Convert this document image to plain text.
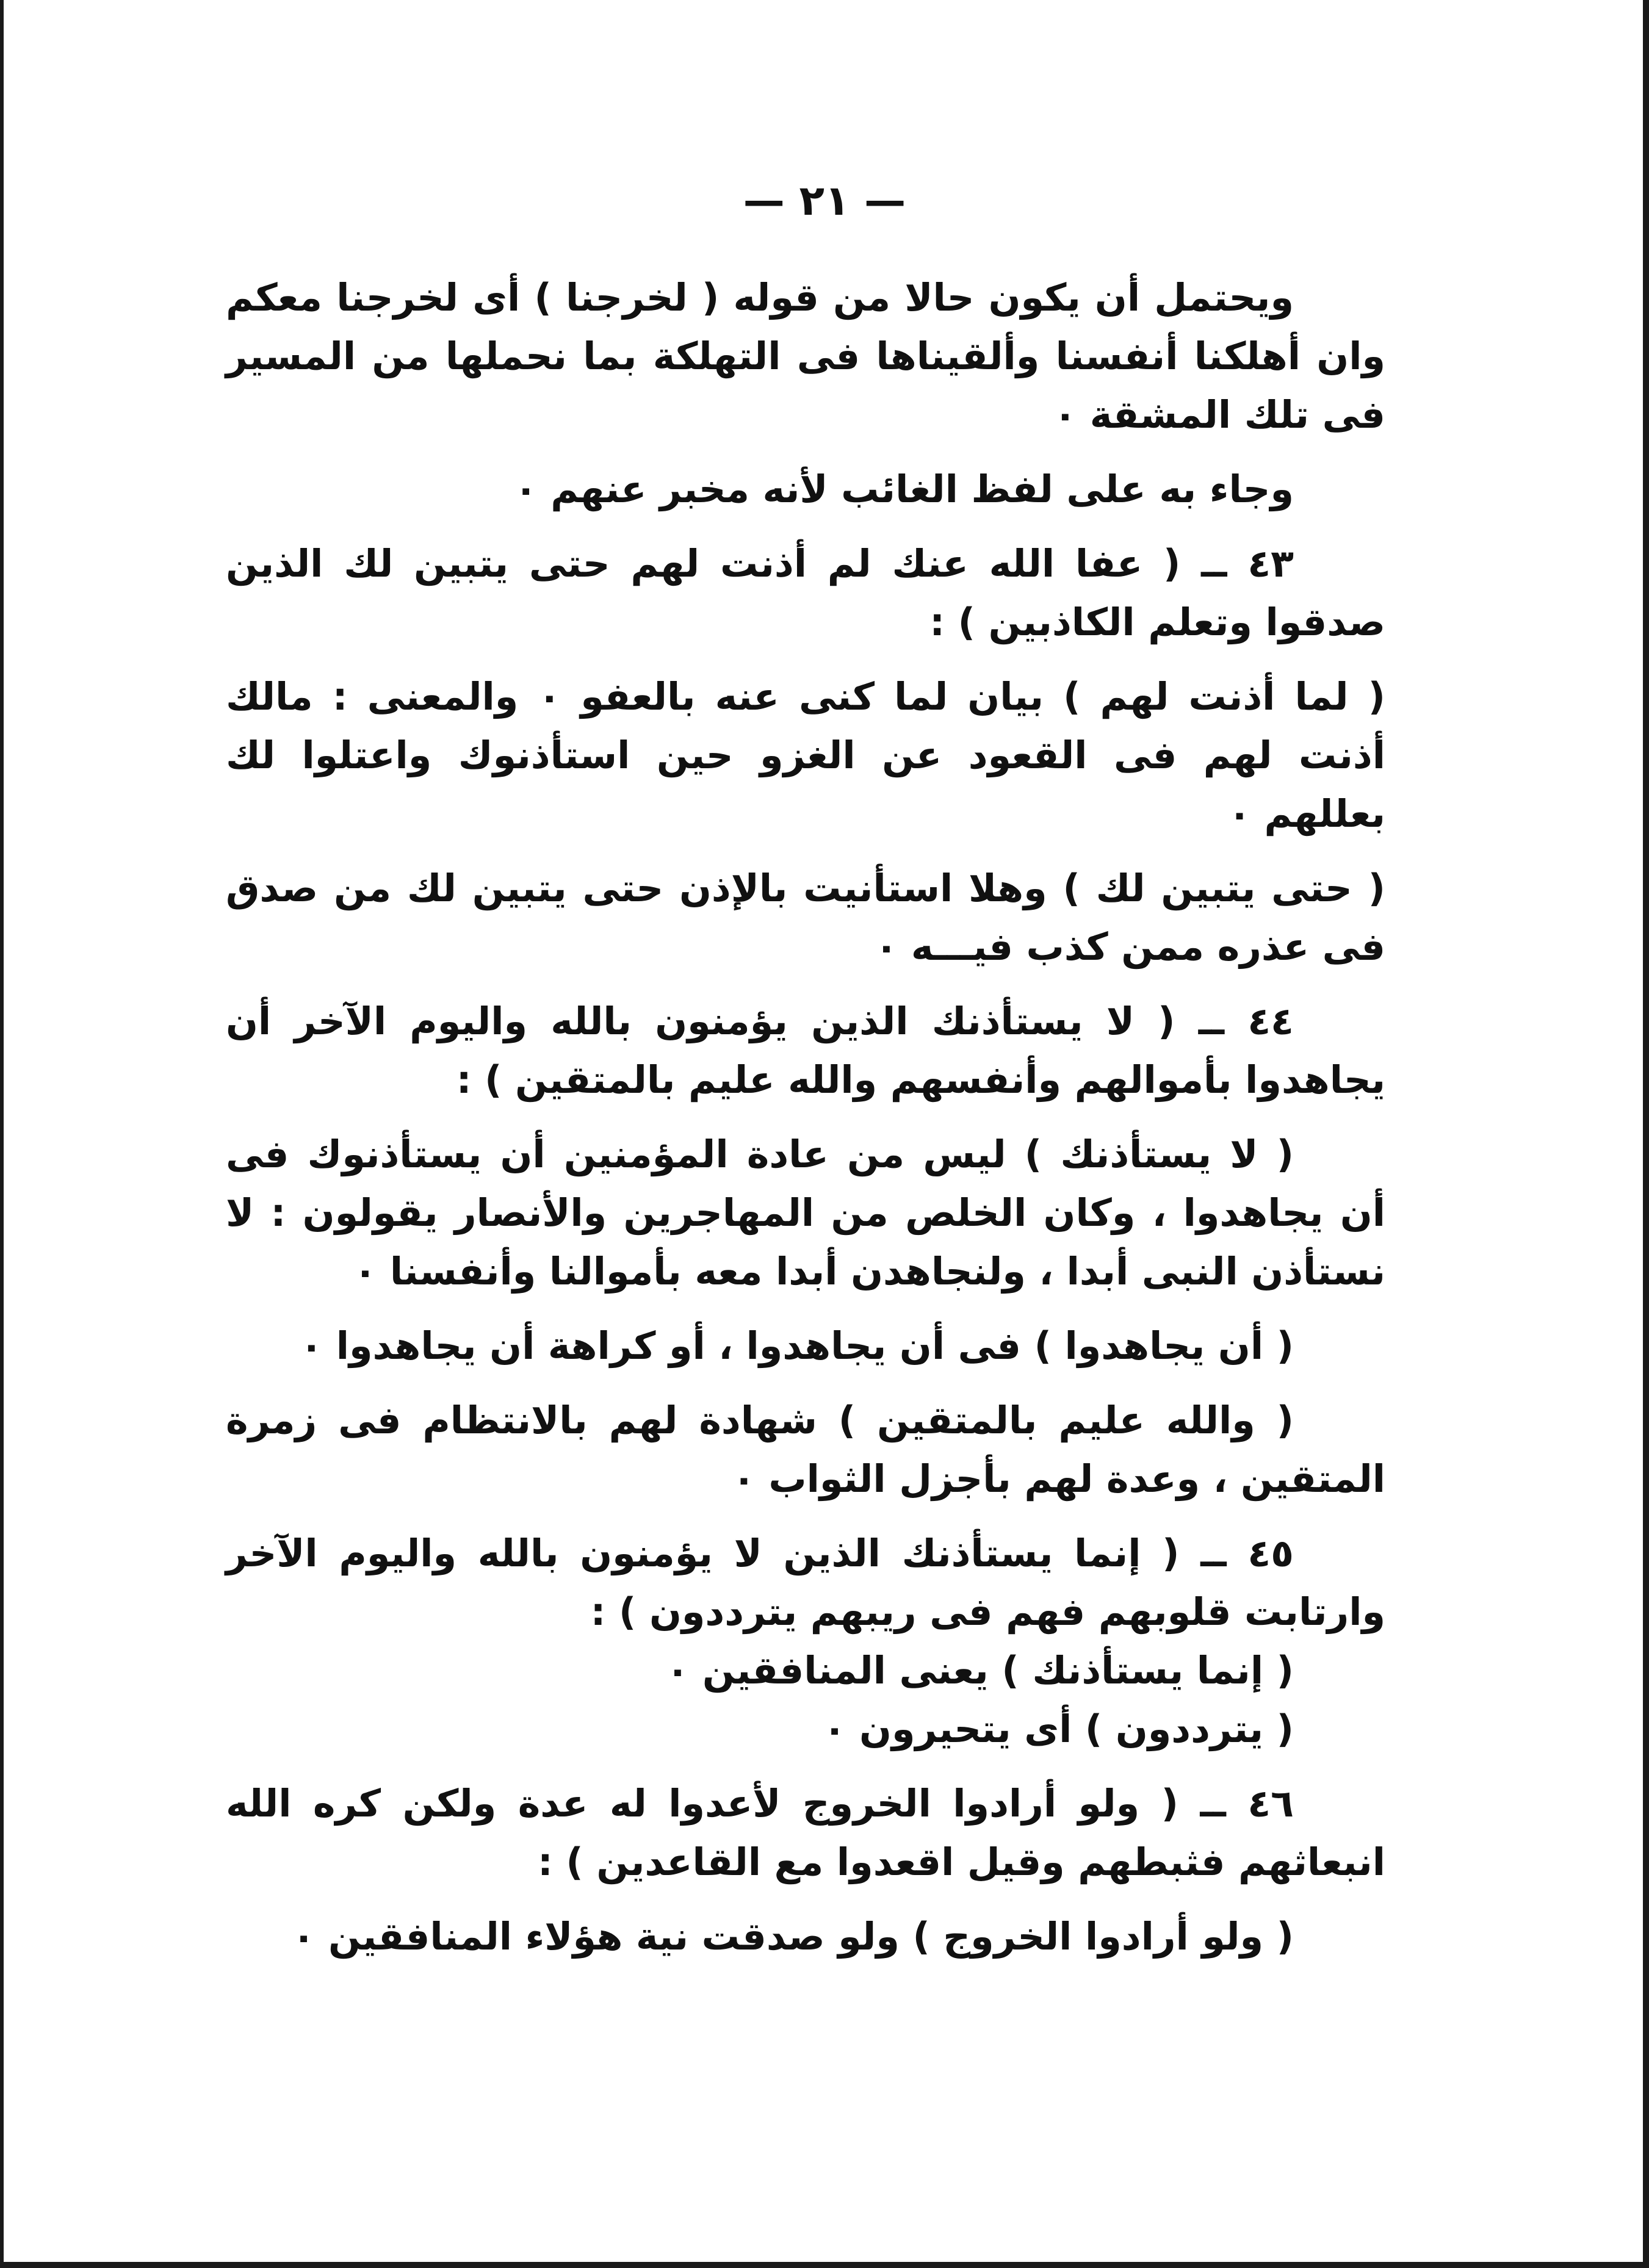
— ٢١ —

ويحتمل أن يكون حالا من قوله ( لخرجنا ) أى لخرجنا معكم وان أهلكنا أنفسنا وألقيناها فى التهلكة بما نحملها من المسير فى تلك المشقة ٠

وجاء به على لفظ الغائب لأنه مخبر عنهم ٠

٤٣ ــ ( عفا الله عنك لم أذنت لهم حتى يتبين لك الذين صدقوا وتعلم الكاذبين ) :

( لما أذنت لهم ) بيان لما كنى عنه بالعفو ٠ والمعنى : مالك أذنت لهم فى القعود عن الغزو حين استأذنوك واعتلوا لك بعللهم ٠

( حتى يتبين لك ) وهلا استأنيت بالإذن حتى يتبين لك من صدق فى عذره ممن كذب فيـــه ٠

٤٤ ــ ( لا يستأذنك الذين يؤمنون بالله واليوم الآخر أن يجاهدوا بأموالهم وأنفسهم والله عليم بالمتقين ) :

( لا يستأذنك ) ليس من عادة المؤمنين أن يستأذنوك فى أن يجاهدوا ، وكان الخلص من المهاجرين والأنصار يقولون : لا نستأذن النبى أبدا ، ولنجاهدن أبدا معه بأموالنا وأنفسنا ٠

( أن يجاهدوا ) فى أن يجاهدوا ، أو كراهة أن يجاهدوا ٠

( والله عليم بالمتقين ) شهادة لهم بالانتظام فى زمرة المتقين ، وعدة لهم بأجزل الثواب ٠

٤٥ ــ ( إنما يستأذنك الذين لا يؤمنون بالله واليوم الآخر وارتابت قلوبهم فهم فى ريبهم يترددون ) :

( إنما يستأذنك ) يعنى المنافقين ٠

( يترددون ) أى يتحيرون ٠

٤٦ ــ ( ولو أرادوا الخروج لأعدوا له عدة ولكن كره الله انبعاثهم فثبطهم وقيل اقعدوا مع القاعدين ) :

( ولو أرادوا الخروج ) ولو صدقت نية هؤلاء المنافقين ٠
